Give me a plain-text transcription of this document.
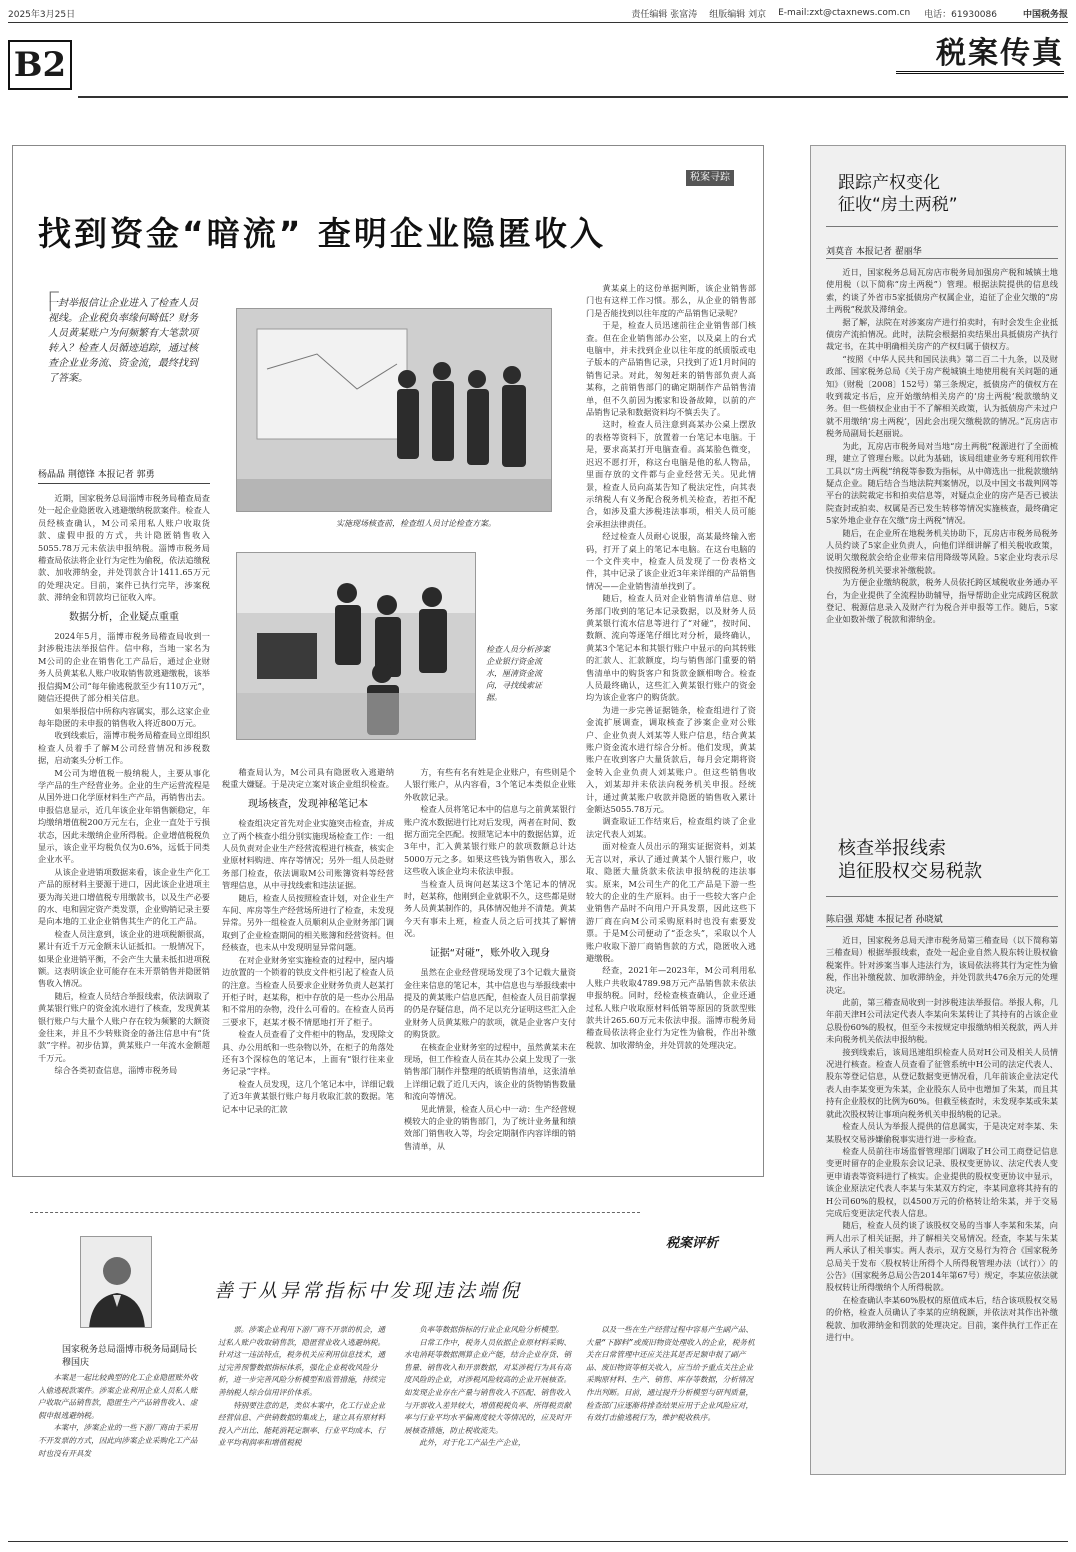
2025年3月25日	责任编辑 张富涛 组版编辑 刘京 E-mail:zxt@ctaxnews.com.cn 电话：61930086	中国税务报
B2	税案传真
税案寻踪
找到资金“暗流” 查明企业隐匿收入
「
一封举报信让企业进入了检查人员视线。企业税负率缘何畸低？财务人员黄某账户为何频繁有大笔款项转入？检查人员循迹追踪，通过核查企业业务流、资金流，最终找到了答案。
实施现场核查前，检查组人员讨论检查方案。
检查人员分析涉案企业银行资金流水，厘清资金流向，寻找线索证据。
杨晶晶 荆德锋 本报记者 郭勇

近期，国家税务总局淄博市税务局稽查局查处一起企业隐匿收入逃避缴纳税款案件。检查人员经核查确认，M公司采用私人账户收取货款、虚假申报的方式，共计隐匿销售收入5055.78万元未依法申报纳税。淄博市税务局稽查局依法将企业行为定性为偷税，依法追缴税款、加收滞纳金，并处罚款合计1411.65万元的处理决定。目前，案件已执行完毕，涉案税款、滞纳金和罚款均已征收入库。

数据分析，企业疑点重重

2024年5月，淄博市税务局稽查局收到一封涉税违法举报信件。信中称，当地一家名为M公司的企业在销售化工产品后，通过企业财务人员黄某私人账户收取销售款逃避缴税，该举报信揭M公司“每年偷逃税款至少有110万元”，随信还提供了部分相关信息。

如果举报信中所称内容属实，那么这家企业每年隐匿的未申报的销售收入将近800万元。

收到线索后，淄博市税务局稽查局立即组织检查人员着手了解M公司经营情况和涉税数据，启动案头分析工作。

M公司为增值税一般纳税人，主要从事化学产品的生产经营业务。企业的生产运营流程是从国外进口化学原材料生产产品，再销售出去。申报信息显示，近几年该企业年销售额稳定，年均缴纳增值税200万元左右，企业一直处于亏损状态，因此未缴纳企业所得税。企业增值税税负显示，该企业平均税负仅为0.6%，远低于同类企业水平。

从该企业进销项数据来看，该企业生产化工产品的原材料主要源于进口，因此该企业进项主要为海关进口增值税专用缴款书，以及生产必要的水、电和固定资产类发票，企业购销记录主要是向本地的工业企业销售其生产的化工产品。

检查人员注意到，该企业的进项税额很高，累计有近千万元金额未认证抵扣。一般情况下，如果企业进销平衡，不会产生大量未抵扣进项税额。这表明该企业可能存在未开票销售并隐匿销售收入情况。

随后，检查人员结合举报线索，依法调取了黄某银行账户的资金流水进行了核查，发现黄某银行账户与大量个人账户存在较为频繁的大额资金往来，并且不少转账资金的备注信息中有“货款”字样。初步估算，黄某账户一年流水金额超千万元。

综合各类初查信息，淄博市税务局

稽查局认为，M公司具有隐匿收入逃避纳税重大嫌疑。于是决定立案对该企业组织检查。

现场核查，发现神秘笔记本

检查组决定首先对企业实施突击检查，并成立了两个核查小组分别实施现场检查工作：一组人员负责对企业生产经营流程进行核查，核实企业原材料购进、库存等情况；另外一组人员赴财务部门检查，依法调取M公司账簿资料等经营管理信息，从中寻找线索和违法证据。

随后，检查人员按照检查计划，对企业生产车间、库房等生产经营场所进行了检查，未发现异常。另外一组检查人员顺利从企业财务部门调取到了企业检查期间的相关账簿和经营资料。但经核查，也未从中发现明显异常问题。

在对企业财务室实施检查的过程中，屋内墙边放置的一个锁着的铁皮文件柜引起了检查人员的注意。当检查人员要求企业财务负责人赵某打开柜子时，赵某称，柜中存放的是一些办公用品和不常用的杂物，没什么可看的。在检查人员再三要求下，赵某才极不情愿地打开了柜子。

检查人员查看了文件柜中的物品，发现除文具、办公用纸和一些杂物以外，在柜子的角落处还有3个深棕色的笔记本，上面有“银行往来业务记录”字样。

检查人员发现，这几个笔记本中，详细记载了近3年黄某银行账户每月收取汇款的数据。笔记本中记录的汇款

方，有些有名有姓是企业账户，有些则是个人银行账户，从内容看，3个笔记本类似企业账外收款记录。

检查人员将笔记本中的信息与之前黄某银行账户流水数据进行比对后发现，两者在时间、数据方面完全匹配。按照笔记本中的数据估算，近3年中，汇入黄某银行账户的款项数额总计达5000万元之多。如果这些钱为销售收入，那么这些收入该企业均未依法申报。

当检查人员询问赵某这3个笔记本的情况时，赵某称，他刚到企业就职不久，这些都是财务人员黄某制作的，具体情况他并不清楚。黄某今天有事未上班，检查人员之后可找其了解情况。

证据“对碰”，账外收入现身

虽然在企业经营现场发现了3个记载大量资金往来信息的笔记本，其中信息也与举报线索中提及的黄某账户信息匹配，但检查人员目前掌握的仍是存疑信息，尚不足以充分证明这些汇入企业财务人员黄某账户的款项，就是企业客户支付的购货款。

在核查企业财务室的过程中，虽然黄某未在现场，但工作检查人员在其办公桌上发现了一张销售部门制作并整理的纸质销售清单，这张清单上详细记载了近几天内，该企业的货物销售数量和流向等情况。

见此情景，检查人员心中一动：生产经营规模较大的企业的销售部门，为了统计业务量和绩效部门销售收入等，均会定期制作内容详细的销售清单，从

黄某桌上的这份单据判断，该企业销售部门也有这样工作习惯。那么，从企业的销售部门是否能找到以往年度的产品销售记录呢？

于是，检查人员迅速前往企业销售部门核查。但在企业销售部办公室，以及桌上的台式电脑中，并未找到企业以往年度的纸质版或电子版本的产品销售记录，只找到了近1月时间的销售记录。对此，匆匆赶来的销售部负责人高某称，之前销售部门的确定期制作产品销售清单，但不久前因为搬家和设备故障，以前的产品销售记录和数据资料均不慎丢失了。

这时，检查人员注意到高某办公桌上摆放的表格等资料下，放置着一台笔记本电脑。于是，要求高某打开电脑查看。高某脸色微变，迟迟不愿打开，称这台电脑是他的私人物品，里面存放的文件都与企业经营无关。见此情景，检查人员向高某告知了税法定性，向其表示纳税人有义务配合税务机关检查，若拒不配合，如涉及重大涉税违法事项，相关人员可能会承担法律责任。

经过检查人员耐心说服，高某最终输入密码，打开了桌上的笔记本电脑。在这台电脑的一个文件夹中，检查人员发现了一份表格文件，其中记录了该企业近3年来详细的产品销售情况——企业销售清单找到了。

随后，检查人员对企业销售清单信息、财务部门收到的笔记本记录数据，以及财务人员黄某银行流水信息等进行了“对碰”，按时间、数额、流向等逐笔仔细比对分析，最终确认，黄某3个笔记本和其银行账户中显示的向其转账的汇款人、汇款额度，均与销售部门重要的销售清单中的购货客户和货款金额相吻合。检查人员最终确认，这些汇入黄某银行账户的资金均为该企业客户的购货款。

为进一步完善证据链条，检查组进行了资金流扩展调查，调取核查了涉案企业对公账户、企业负责人刘某等人账户信息，结合黄某账户资金流水进行综合分析。他们发现，黄某账户在收到客户大量货款后，每月会定期将资金转入企业负责人刘某账户。但这些销售收入，刘某却并未依法向税务机关申报。经统计，通过黄某账户收款并隐匿的销售收入累计金额达5055.78万元。

调查取证工作结束后，检查组约谈了企业法定代表人刘某。

面对检查人员出示的翔实证据资料，刘某无言以对，承认了通过黄某个人银行账户，收取、隐匿大量货款未依法申报纳税的违法事实。原来，M公司生产的化工产品是下游一些较大的企业的生产原料。由于一些较大客户企业销售产品时不向用户开具发票，因此这些下游厂商在向M公司采购原料时也没有索要发票。于是M公司便动了“歪念头”，采取以个人账户收取下游厂商销售款的方式，隐匿收入逃避缴税。

经查，2021年—2023年，M公司利用私人账户共收取4789.98万元产品销售款未依法申报纳税。同时，经检查核查确认，企业还通过私人账户收取原材料低销等原因的货款型账款共计265.60万元未依法申报。淄博市税务局稽查局依法将企业行为定性为偷税，作出补缴税款、加收滞纳金，并处罚款的处理决定。

税案评析
善于从异常指标中发现违法端倪
国家税务总局淄博市税务局副局长 穆国庆

本案是一起比较典型的化工企业隐匿账外收入偷逃税款案件。涉案企业利用企业人员私人账户收取产品销售款，隐匿生产产品销售收入、虚假申报逃避纳税。

本案中，涉案企业的一些下游厂商由于采用不开发票的方式，因此向涉案企业采购化工产品时也没有开具发

票。涉案企业利用下游厂商不开票的机会，通过私人账户收取销售款，隐匿营业收入逃避纳税。针对这一违法特点，税务机关应利用信息技术，通过完善预警数据指标体系，强化企业税收风险分析，进一步完善风险分析模型和监管措施，持续完善纳税人综合信用评价体系。

特别要注意的是，类似本案中，化工行业企业经营信息、产供销数据的集成上，建立具有原材料投入产出比、能耗消耗定额率、行业平均成本、行业平均利润率和增值税税

负率等数据指标的行业企业风险分析模型。

日常工作中，税务人员依据企业原材料采购、水电消耗等数据测算企业产能，结合企业存货、销售量、销售收入和开票数据，对某涉税行为具有高度风险的企业，对涉税风险较高的企业开展核查。如发现企业存在产量与销售收入不匹配、销售收入与开票收入差异较大，增值税税负率、所得税贡献率与行业平均水平偏离度较大等情况的，应及时开展核查措施，防止税收流失。

此外，对于化工产品生产企业，

以及一些在生产经营过程中容易产生副产品、大量“下脚料”或废旧物资处理收入的企业，税务机关在日常管理中还应关注其是否足额申报了副产品、废旧物资等相关收入，应当给予重点关注企业采购原材料、生产、销售、库存等数据，分析情况作出判断。目前，通过提升分析模型与研判质量，检查部门应逐渐将排查结果应用于企业风险应对，有效打击偷逃税行为，维护税收秩序。

跟踪产权变化
征收“房土两税”
刘莫音 本报记者 翟丽华

近日，国家税务总局瓦房店市税务局加强房产税和城镇土地使用税（以下简称“房土两税”）管理。根据法院提供的信息线索，约谈了外省市5家抵债房产权属企业，追征了企业欠缴的“房土两税”税款及滞纳金。

据了解，法院在对涉案房产进行拍卖时，有时会发生企业抵债房产流拍情况。此时，法院会根据拍卖结果出具抵债房产执行裁定书，在其中明确相关房产的产权归属于债权方。

“按照《中华人民共和国民法典》第二百二十九条，以及财政部、国家税务总局《关于房产税城镇土地使用税有关问题的通知》（财税〔2008〕152号）第三条规定，抵债房产的债权方在收到裁定书后，应开始缴纳相关房产的‘房土两税’税款缴纳义务。但一些债权企业由于不了解相关政策，认为抵债房产未过户就不用缴纳‘房土两税’，因此会出现欠缴税款的情况。”瓦房店市税务局副局长赵丽说。

为此，瓦房店市税务局对当地“房土两税”税源进行了全面梳理，建立了管理台账。以此为基础，该局组建业务专班利用软件工具以“房土两税”纳税等参数为指标，从中筛选出一批税款缴纳疑点企业。随后结合当地法院判案情况，以及中国文书裁判网等平台的法院裁定书和拍卖信息等，对疑点企业的房产是否已被法院查封或拍卖、权属是否已发生转移等情况实施核查，最终确定5家外地企业存在欠缴“房土两税”情况。

随后，在企业所在地税务机关协助下，瓦房店市税务局税务人员约谈了5家企业负责人，向他们详细讲解了相关税收政策，说明欠缴税款会给企业带来信用降级等风险。5家企业均表示尽快按照税务机关要求补缴税款。

为方便企业缴纳税款，税务人员依托跨区域税收业务通办平台，为企业提供了全流程协助辅导，指导帮助企业完成跨区税款登记、税源信息录入及财产行为税合并申报等工作。随后，5家企业如数补缴了税款和滞纳金。

核查举报线索
追征股权交易税款
陈启强 郑婕 本报记者 孙晓斌

近日，国家税务总局天津市税务局第三稽查局（以下简称第三稽查局）根据举报线索，查处一起企业自然人股东转让股权偷税案件。针对涉案当事人违法行为，该局依法将其行为定性为偷税，作出补缴税款、加收滞纳金，并处罚款共476余万元的处理决定。

此前，第三稽查局收到一封涉税违法举报信。举报人称，几年前天津H公司法定代表人李某向朱某转让了其持有的占该企业总股份60%的股权，但至今未按规定申报缴纳相关税款，两人并未向税务机关依法申报纳税。

接到线索后，该局迅速组织检查人员对H公司及相关人员情况进行核查。检查人员查看了征管系统中H公司的法定代表人、股东等登记信息，从登记数据变更情况看，几年前该企业法定代表人由李某变更为朱某，企业股东人员中也增加了朱某，而且其持有企业股权的比例为60%。但截至核查时，未发现李某或朱某就此次股权转让事项向税务机关申报纳税的记录。

检查人员认为举报人提供的信息属实，于是决定对李某、朱某股权交易涉嫌偷税事实进行进一步检查。

检查人员前往市场监督管理部门调取了H公司工商登记信息变更时留存的企业股东会议记录、股权变更协议、法定代表人变更申请表等资料进行了核实。企业提供的股权变更协议中显示，该企业原法定代表人李某与朱某双方约定，李某同意将其持有的H公司60%的股权，以4500万元的价格转让给朱某，并于交易完成后变更法定代表人信息。

随后，检查人员约谈了该股权交易的当事人李某和朱某，向两人出示了相关证据，并了解相关交易情况。经查，李某与朱某两人承认了相关事实。两人表示，双方交易行为符合《国家税务总局关于发布〈股权转让所得个人所得税管理办法（试行）〉的公告》（国家税务总局公告2014年第67号）规定，李某应依法就股权转让所得缴纳个人所得税款。

在检查确认李某60%股权的原值成本后，结合该项股权交易的价格，检查人员确认了李某的应纳税额，并依法对其作出补缴税款、加收滞纳金和罚款的处理决定。目前，案件执行工作正在进行中。
